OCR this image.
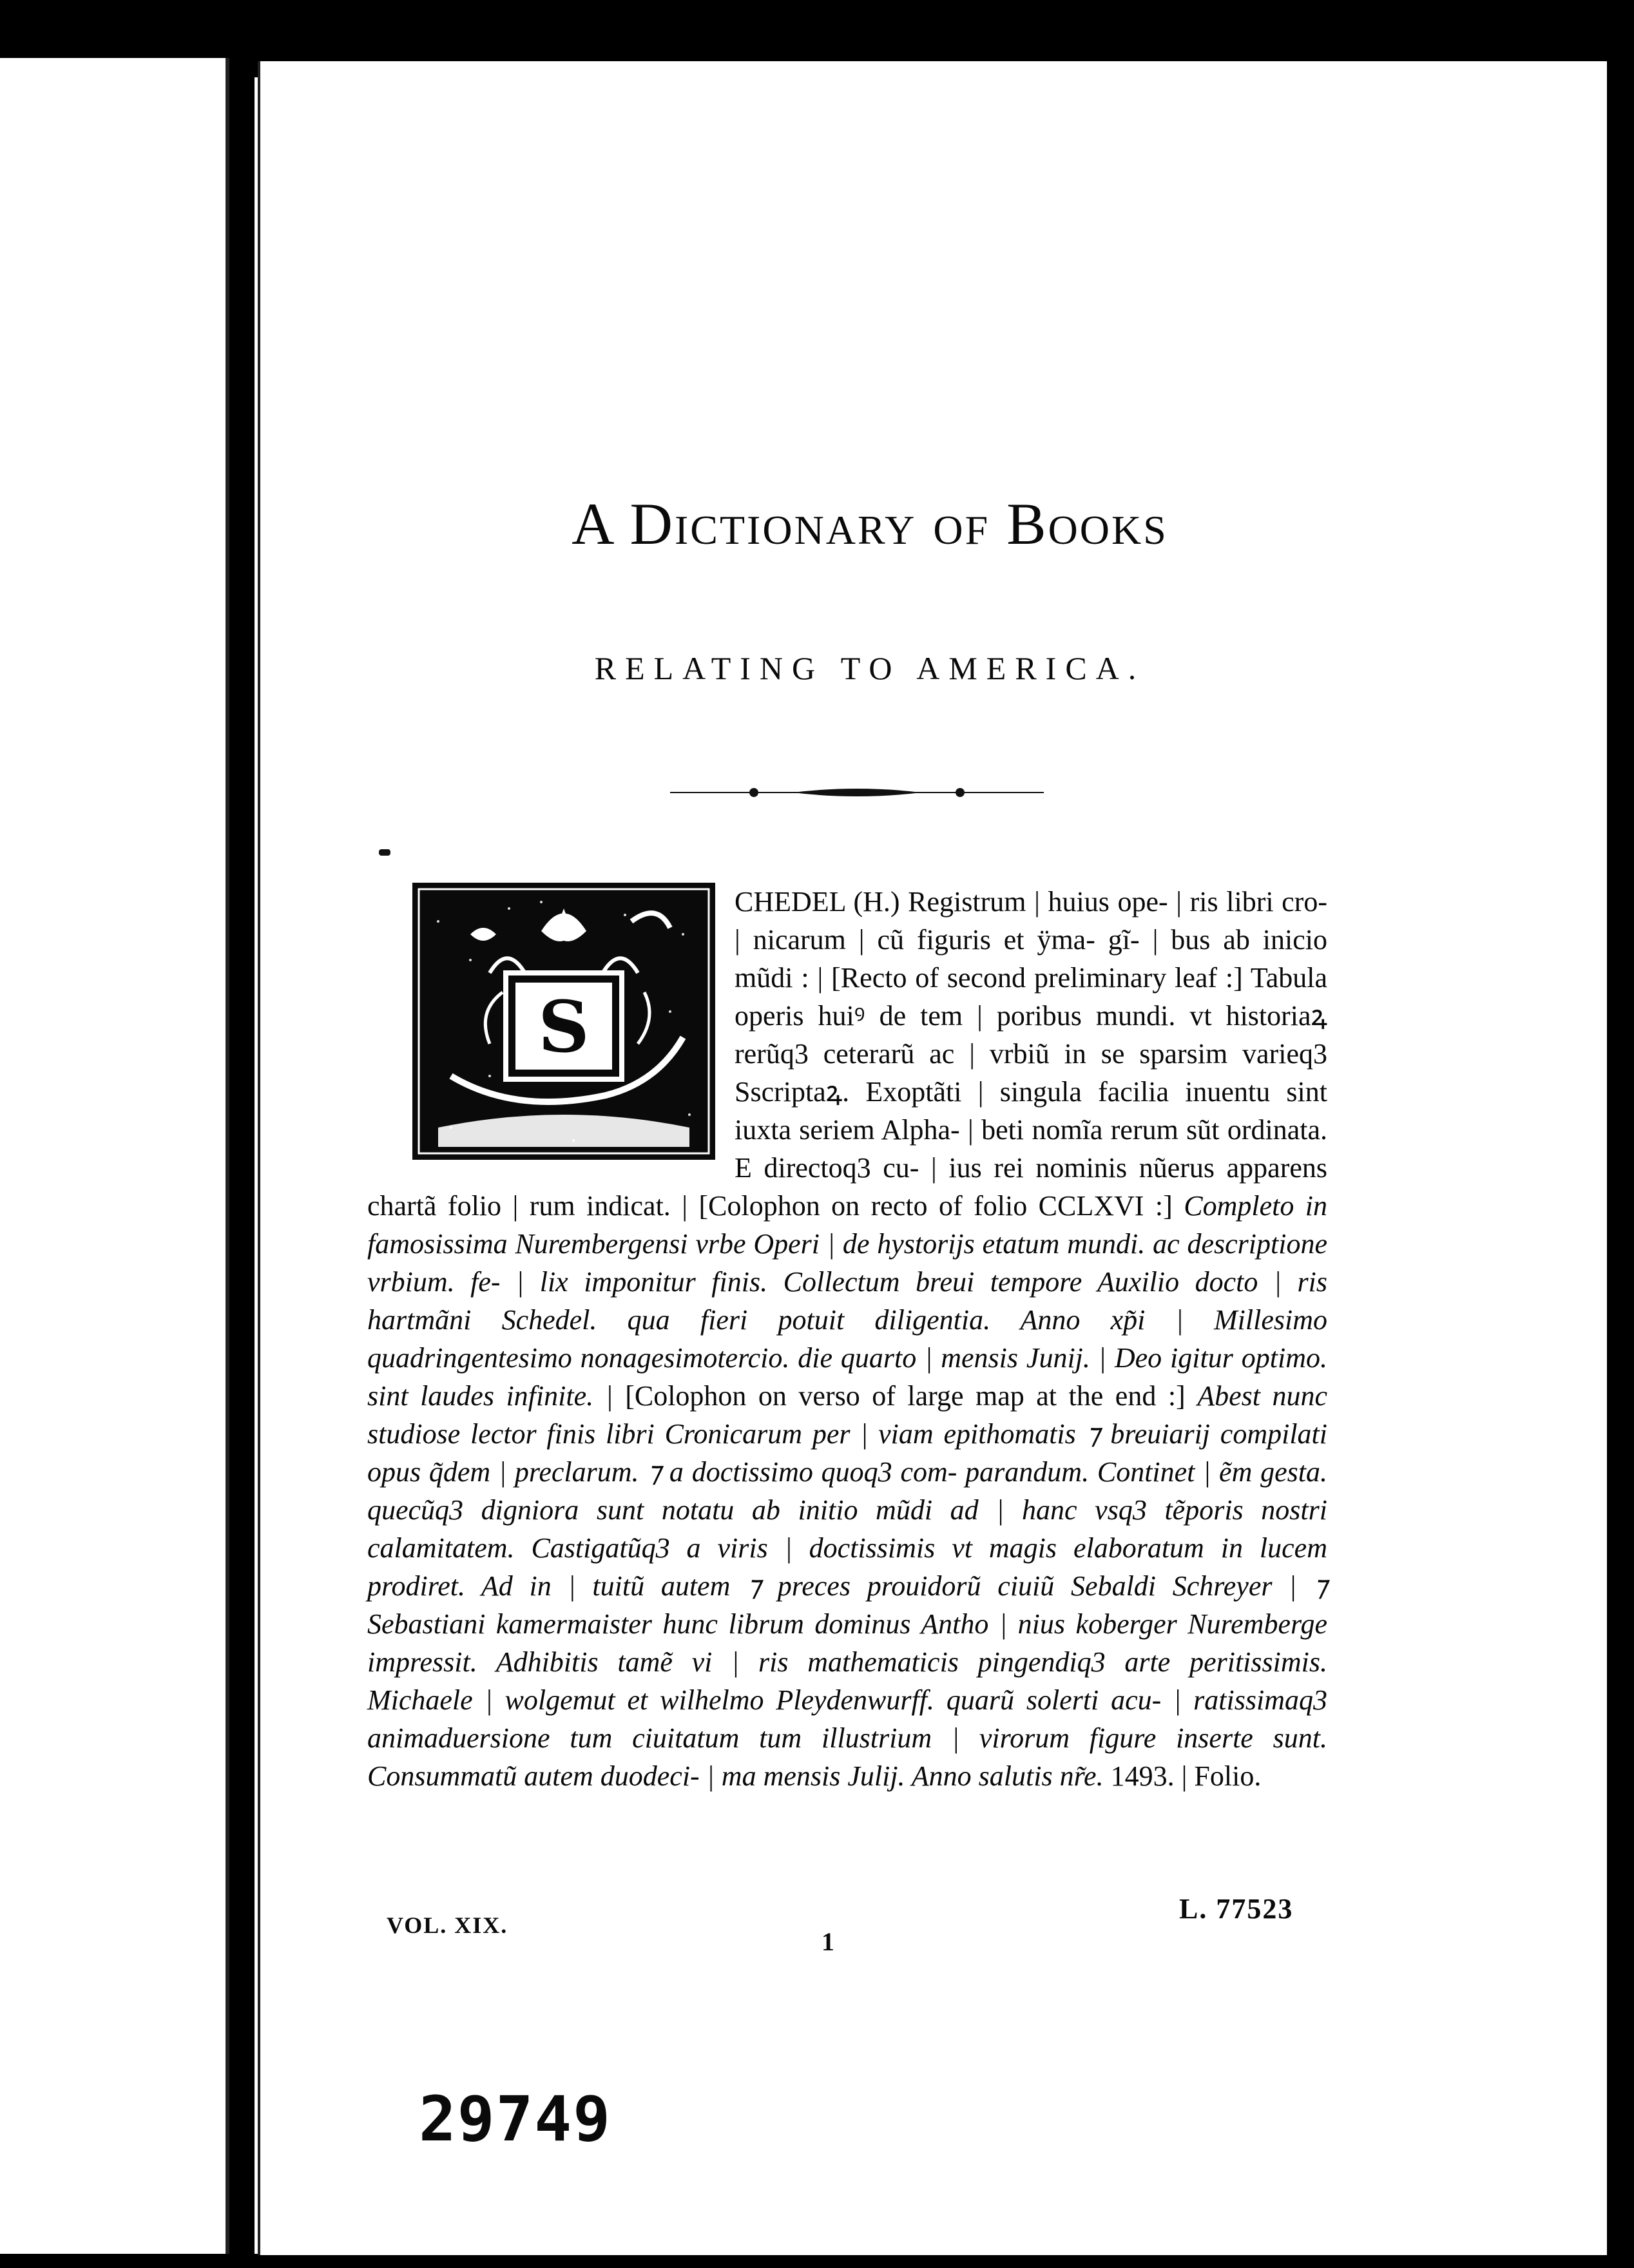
A Dictionary of Books
RELATING TO AMERICA.
S
CHEDEL (H.) Registrum | huius ope- | ris libri cro- | nicarum | cũ figuris et ÿma- gĩ- | bus ab inicio mũdi : | [Recto of second preliminary leaf :] Tabula operis huiꝰ de tem | poribus mundi. vt historiaꝝ rerũq3 ceterarũ ac | vrbiũ in se sparsim varieq3 Sscriptaꝝ. Exoptãti | singula facilia inuentu sint iuxta seriem Alpha- | beti nomĩa rerum sũt ordinata. E directoq3 cu- | ius rei nominis nũerus apparens chartã folio | rum indicat. | [Colophon on recto of folio CCLXVI :] Completo in famosissima Nurembergensi vrbe Operi | de hystorijs etatum mundi. ac descriptione vrbium. fe- | lix imponitur finis. Collectum breui tempore Auxilio docto | ris hartmãni Schedel. qua fieri potuit diligentia. Anno xp̃i | Millesimo quadringentesimo nonagesimotercio. die quarto | mensis Junij. | Deo igitur optimo. sint laudes infinite. | [Colophon on verso of large map at the end :] Abest nunc studiose lector finis libri Cronicarum per | viam epithomatis ⁊ breuiarij compilati opus q̃dem | preclarum. ⁊ a doctissimo quoq3 com- parandum. Continet | ẽm gesta. quecũq3 digniora sunt notatu ab initio mũdi ad | hanc vsq3 tẽporis nostri calamitatem. Castigatũq3 a viris | doctissimis vt magis elaboratum in lucem prodiret. Ad in | tuitũ autem ⁊ preces prouidorũ ciuiũ Sebaldi Schreyer | ⁊ Sebastiani kamermaister hunc librum dominus Antho | nius koberger Nuremberge impressit. Adhibitis tamẽ vi | ris mathematicis pingendiq3 arte peritissimis. Michaele | wolgemut et wilhelmo Pleydenwurff. quarũ solerti acu- | ratissimaq3 animaduersione tum ciuitatum tum illustrium | virorum figure inserte sunt. Consummatũ autem duodeci- | ma mensis Julij. Anno salutis nr̃e. 1493. | Folio.
VOL. XIX.
1
L. 77523
29749
